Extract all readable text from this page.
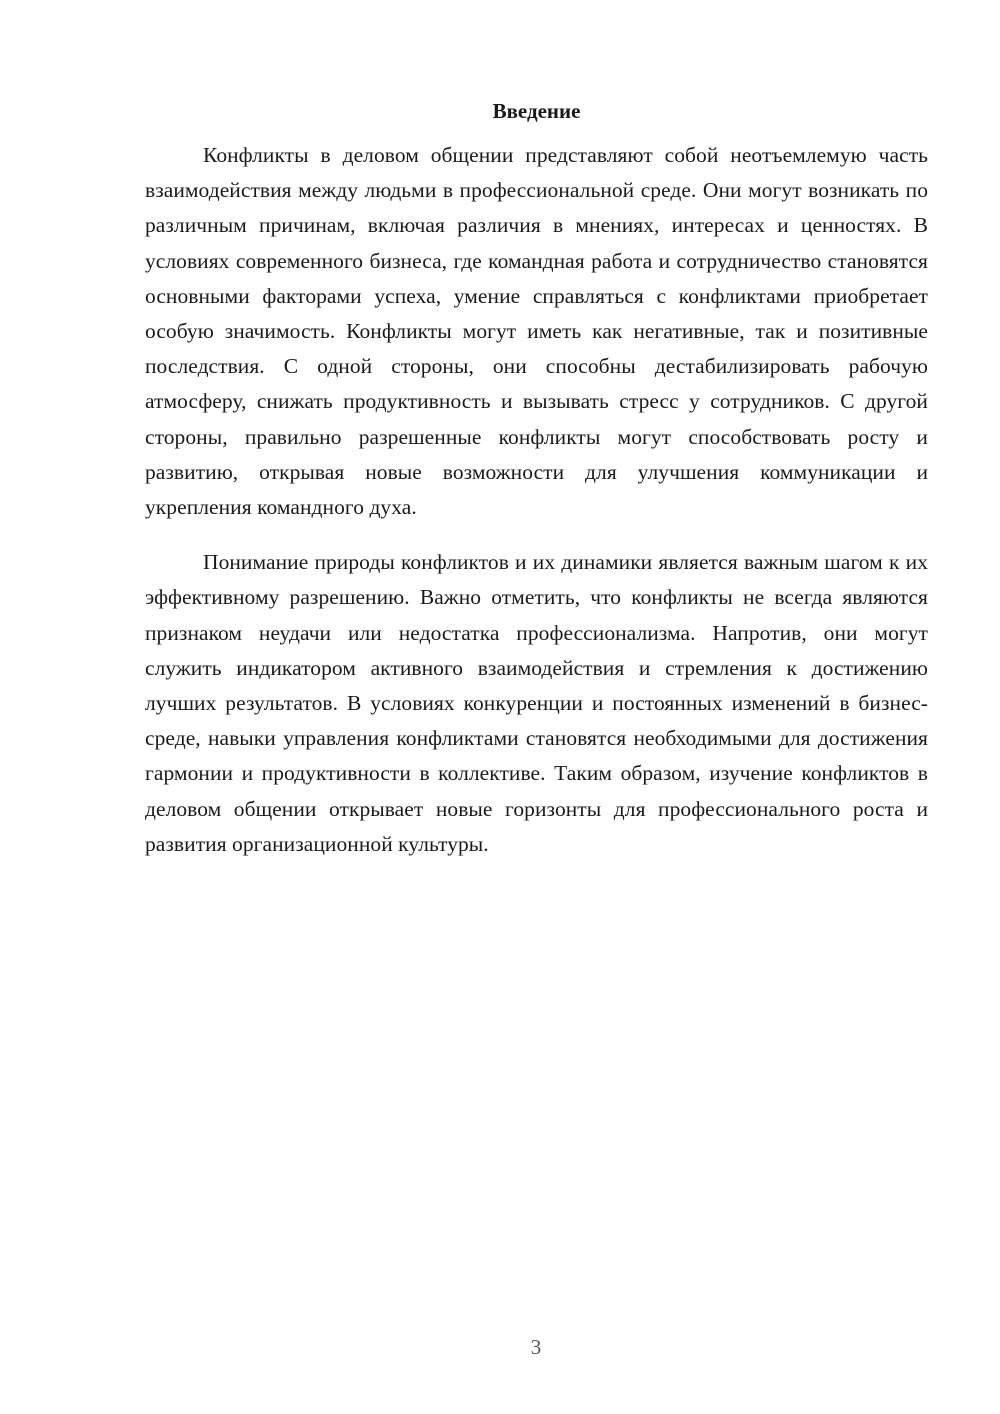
Введение

Конфликты в деловом общении представляют собой неотъемлемую часть взаимодействия между людьми в профессиональной среде. Они могут возникать по различным причинам, включая различия в мнениях, интересах и ценностях. В условиях современного бизнеса, где командная работа и сотрудничество становятся основными факторами успеха, умение справляться с конфликтами приобретает особую значимость. Конфликты могут иметь как негативные, так и позитивные последствия. С одной стороны, они способны дестабилизировать рабочую атмосферу, снижать продуктивность и вызывать стресс у сотрудников. С другой стороны, правильно разрешенные конфликты могут способствовать росту и развитию, открывая новые возможности для улучшения коммуникации и укрепления командного духа.

Понимание природы конфликтов и их динамики является важным шагом к их эффективному разрешению. Важно отметить, что конфликты не всегда являются признаком неудачи или недостатка профессионализма. Напротив, они могут служить индикатором активного взаимодействия и стремления к достижению лучших результатов. В условиях конкуренции и постоянных изменений в бизнес-среде, навыки управления конфликтами становятся необходимыми для достижения гармонии и продуктивности в коллективе. Таким образом, изучение конфликтов в деловом общении открывает новые горизонты для профессионального роста и развития организационной культуры.

3
